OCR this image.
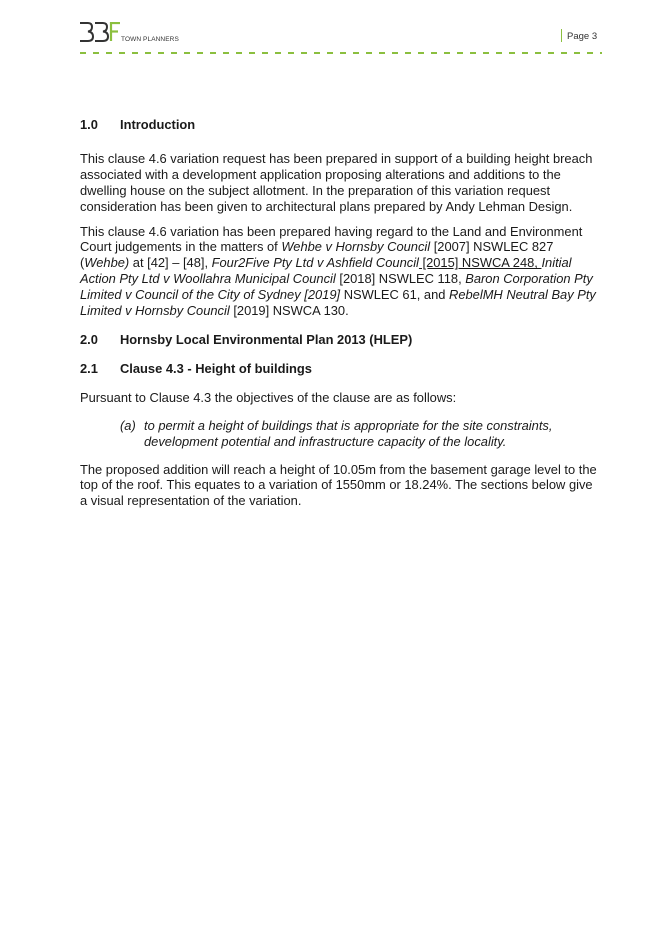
TOWN PLANNERS	Page 3
1.0	Introduction

This clause 4.6 variation request has been prepared in support of a building height breach associated with a development application proposing alterations and additions to the dwelling house on the subject allotment. In the preparation of this variation request consideration has been given to architectural plans prepared by Andy Lehman Design.

This clause 4.6 variation has been prepared having regard to the Land and Environment Court judgements in the matters of Wehbe v Hornsby Council [2007] NSWLEC 827 (Wehbe) at [42] – [48], Four2Five Pty Ltd v Ashfield Council [2015] NSWCA 248, Initial Action Pty Ltd v Woollahra Municipal Council [2018] NSWLEC 118, Baron Corporation Pty Limited v Council of the City of Sydney [2019] NSWLEC 61, and RebelMH Neutral Bay Pty Limited v Hornsby Council [2019] NSWCA 130.

2.0	Hornsby Local Environmental Plan 2013 (HLEP)
2.1	Clause 4.3 - Height of buildings

Pursuant to Clause 4.3 the objectives of the clause are as follows:

(a) to permit a height of buildings that is appropriate for the site constraints, development potential and infrastructure capacity of the locality.

The proposed addition will reach a height of 10.05m from the basement garage level to the top of the roof. This equates to a variation of 1550mm or 18.24%. The sections below give a visual representation of the variation.
